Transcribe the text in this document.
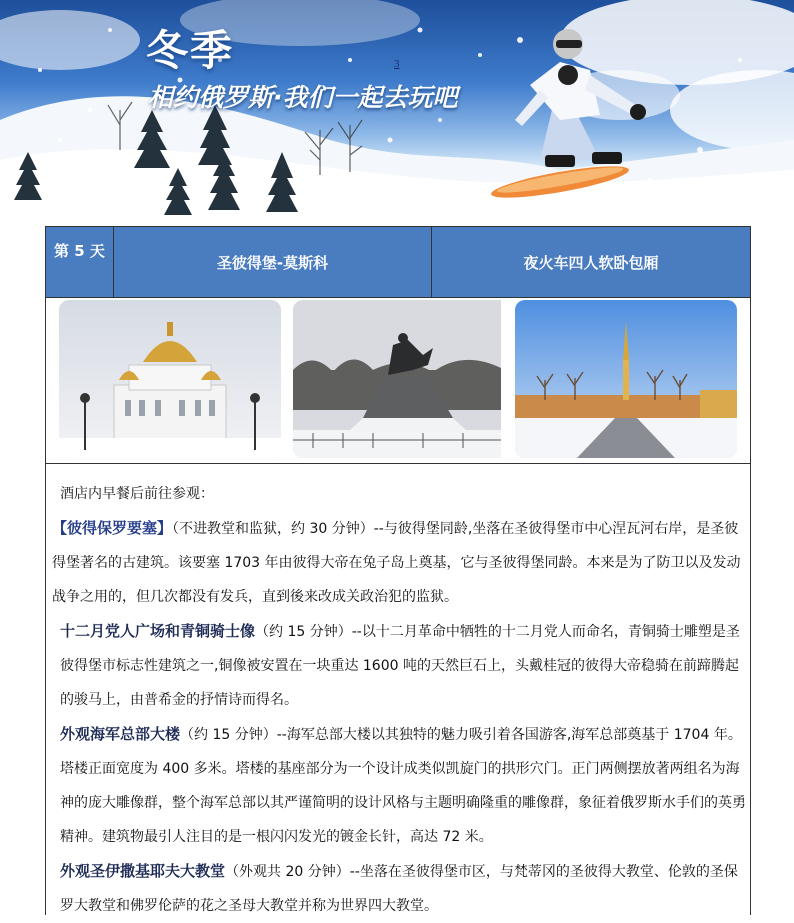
冬季	3
相约俄罗斯·我们一起去玩吧
第 5 天
圣彼得堡-莫斯科	夜火车四人软卧包厢

酒店内早餐后前往参观：

【彼得保罗要塞】（不进教堂和监狱，约 30 分钟）--与彼得堡同龄,坐落在圣彼得堡市中心涅瓦河右岸，是圣彼得堡著名的古建筑。该要塞 1703 年由彼得大帝在兔子岛上奠基，它与圣彼得堡同龄。本来是为了防卫以及发动战争之用的，但几次都没有发兵，直到後来改成关政治犯的监狱。

十二月党人广场和青铜骑士像（约 15 分钟）--以十二月革命中牺牲的十二月党人而命名，青铜骑士雕塑是圣彼得堡市标志性建筑之一,铜像被安置在一块重达 1600 吨的天然巨石上，头戴桂冠的彼得大帝稳骑在前蹄腾起的骏马上，由普希金的抒情诗而得名。

外观海军总部大楼（约 15 分钟）--海军总部大楼以其独特的魅力吸引着各国游客,海军总部奠基于 1704 年。塔楼正面宽度为 400 多米。塔楼的基座部分为一个设计成类似凯旋门的拱形穴门。正门两侧摆放著两组名为海神的庞大雕像群，整个海军总部以其严谨简明的设计风格与主题明确隆重的雕像群，象征着俄罗斯水手们的英勇精神。建筑物最引人注目的是一根闪闪发光的镀金长针，高达 72 米。

外观圣伊撒基耶夫大教堂（外观共 20 分钟）--坐落在圣彼得堡市区，与梵蒂冈的圣彼得大教堂、伦敦的圣保罗大教堂和佛罗伦萨的花之圣母大教堂并称为世界四大教堂。
